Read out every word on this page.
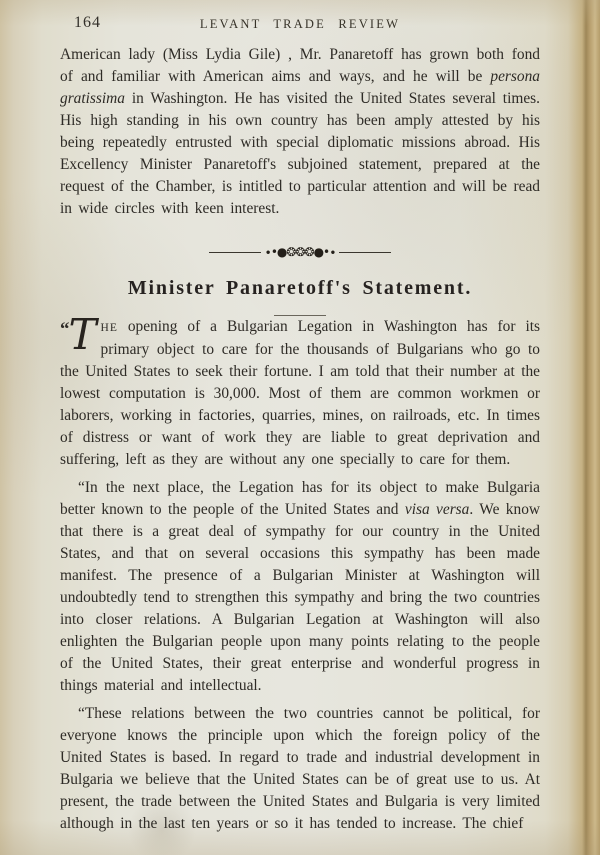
164	LEVANT TRADE REVIEW

American lady (Miss Lydia Gile) , Mr. Panaretoff has grown both fond of and familiar with American aims and ways, and he will be persona gratissima in Washington. He has visited the United States several times. His high standing in his own country has been amply attested by his being repeatedly entrusted with special diplomatic missions abroad. His Excellency Minister Panaretoff's subjoined statement, prepared at the request of the Chamber, is intitled to particular attention and will be read in wide circles with keen interest.

∙•●❂❂❂●•∙
Minister Panaretoff's Statement.

“T HE opening of a Bulgarian Legation in Washington has for its primary object to care for the thousands of Bulgarians who go to the United States to seek their fortune. I am told that their number at the lowest computation is 30,000. Most of them are common workmen or laborers, working in factories, quarries, mines, on railroads, etc. In times of distress or want of work they are liable to great deprivation and suffering, left as they are without any one specially to care for them.

“In the next place, the Legation has for its object to make Bulgaria better known to the people of the United States and visa versa. We know that there is a great deal of sympathy for our country in the United States, and that on several occasions this sympathy has been made manifest. The presence of a Bulgarian Minister at Washington will undoubtedly tend to strengthen this sympathy and bring the two countries into closer relations. A Bulgarian Legation at Washington will also enlighten the Bulgarian people upon many points relating to the people of the United States, their great enterprise and wonderful progress in things material and intellectual.

“These relations between the two countries cannot be political, for everyone knows the principle upon which the foreign policy of the United States is based. In regard to trade and industrial development in Bulgaria we believe that the United States can be of great use to us. At present, the trade between the United States and Bulgaria is very limited although in the last ten years or so it has tended to increase. The chief
